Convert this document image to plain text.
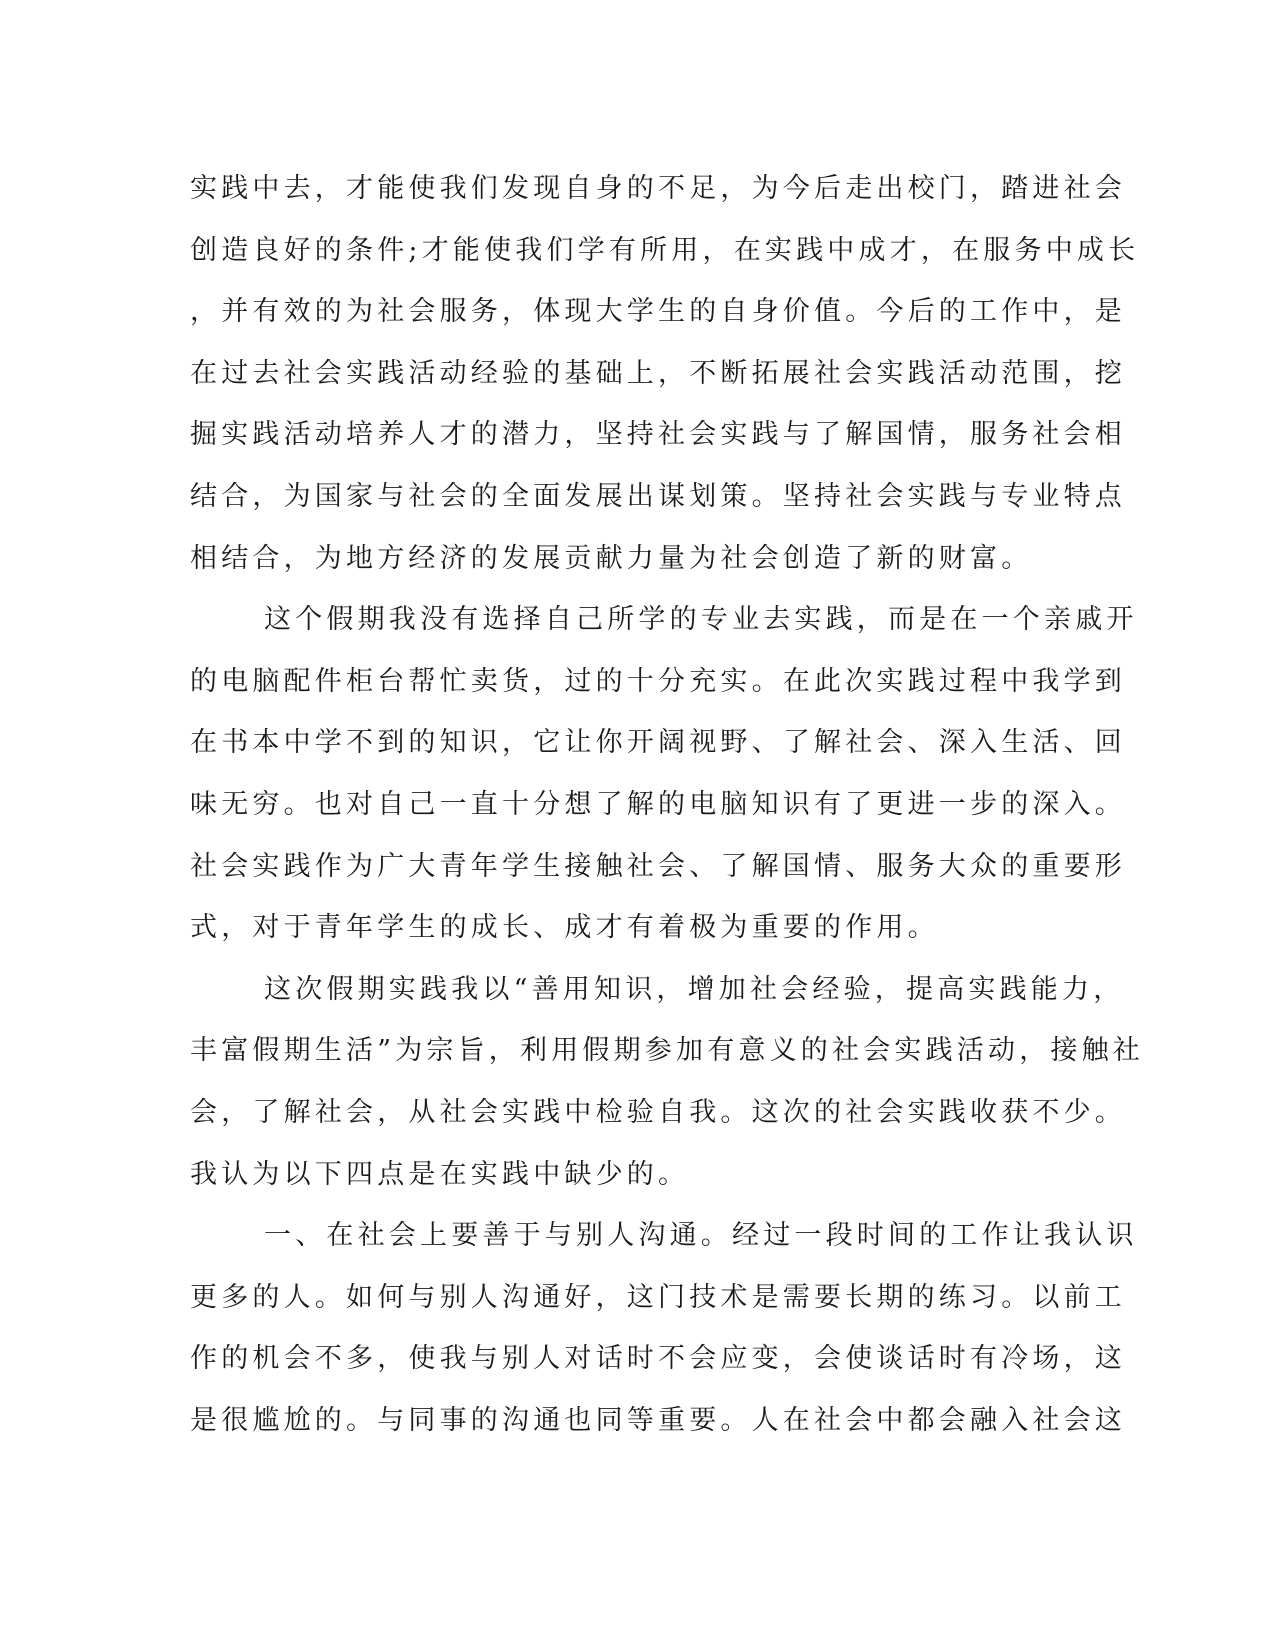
实践中去，才能使我们发现自身的不足，为今后走出校门，踏进社会
创造良好的条件;才能使我们学有所用，在实践中成才，在服务中成长
，并有效的为社会服务，体现大学生的自身价值。今后的工作中，是
在过去社会实践活动经验的基础上，不断拓展社会实践活动范围，挖
掘实践活动培养人才的潜力，坚持社会实践与了解国情，服务社会相
结合，为国家与社会的全面发展出谋划策。坚持社会实践与专业特点
相结合，为地方经济的发展贡献力量为社会创造了新的财富。
这个假期我没有选择自己所学的专业去实践，而是在一个亲戚开
的电脑配件柜台帮忙卖货，过的十分充实。在此次实践过程中我学到
在书本中学不到的知识，它让你开阔视野、了解社会、深入生活、回
味无穷。也对自己一直十分想了解的电脑知识有了更进一步的深入。
社会实践作为广大青年学生接触社会、了解国情、服务大众的重要形
式，对于青年学生的成长、成才有着极为重要的作用。
这次假期实践我以“善用知识，增加社会经验，提高实践能力，
丰富假期生活”为宗旨，利用假期参加有意义的社会实践活动，接触社
会，了解社会，从社会实践中检验自我。这次的社会实践收获不少。
我认为以下四点是在实践中缺少的。
一、在社会上要善于与别人沟通。经过一段时间的工作让我认识
更多的人。如何与别人沟通好，这门技术是需要长期的练习。以前工
作的机会不多，使我与别人对话时不会应变，会使谈话时有冷场，这
是很尴尬的。与同事的沟通也同等重要。人在社会中都会融入社会这
